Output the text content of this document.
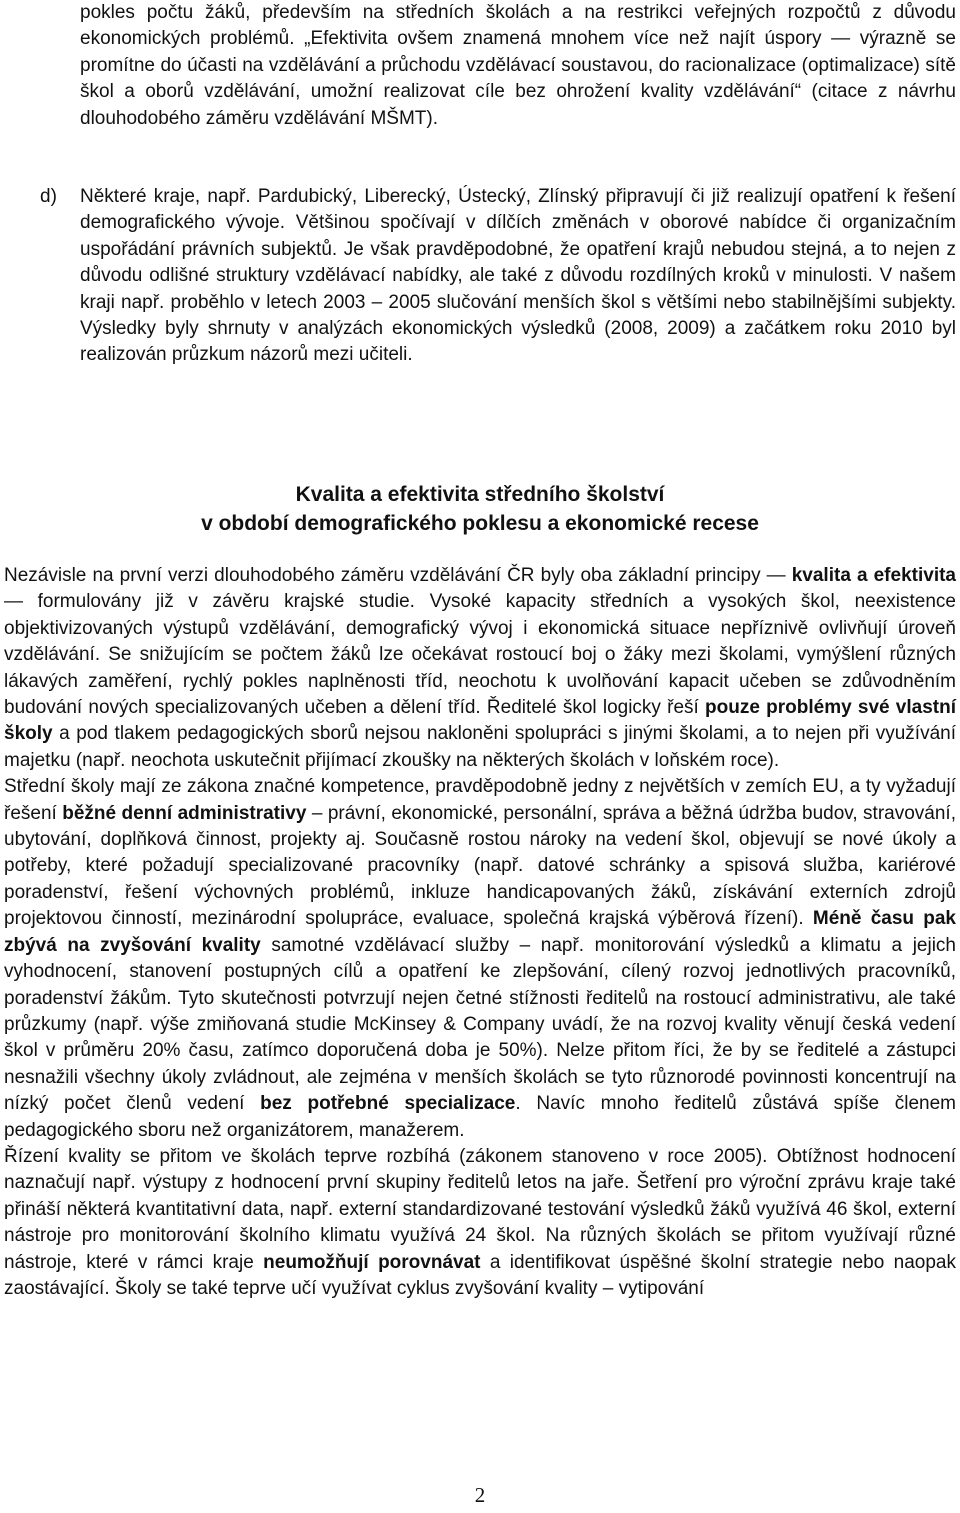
pokles počtu žáků, především na středních školách a na restrikci veřejných rozpočtů z důvodu ekonomických problémů. „Efektivita ovšem znamená mnohem více než najít úspory — výrazně se promítne do účasti na vzdělávání a průchodu vzdělávací soustavou, do racionalizace (optimalizace) sítě škol a oborů vzdělávání, umožní realizovat cíle bez ohrožení kvality vzdělávání“ (citace z návrhu dlouhodobého záměru vzdělávání MŠMT).

d) Některé kraje, např. Pardubický, Liberecký, Ústecký, Zlínský připravují či již realizují opatření k řešení demografického vývoje. Většinou spočívají v dílčích změnách v oborové nabídce či organizačním uspořádání právních subjektů. Je však pravděpodobné, že opatření krajů nebudou stejná, a to nejen z důvodu odlišné struktury vzdělávací nabídky, ale také z důvodu rozdílných kroků v minulosti. V našem kraji např. proběhlo v letech 2003 – 2005 slučování menších škol s většími nebo stabilnějšími subjekty. Výsledky byly shrnuty v analýzách ekonomických výsledků (2008, 2009) a začátkem roku 2010 byl realizován průzkum názorů mezi učiteli.

Kvalita a efektivita středního školství
v období demografického poklesu a ekonomické recese

Nezávisle na první verzi dlouhodobého záměru vzdělávání ČR byly oba základní principy — kvalita a efektivita — formulovány již v závěru krajské studie. Vysoké kapacity středních a vysokých škol, neexistence objektivizovaných výstupů vzdělávání, demografický vývoj i ekonomická situace nepříznivě ovlivňují úroveň vzdělávání. Se snižujícím se počtem žáků lze očekávat rostoucí boj o žáky mezi školami, vymýšlení různých lákavých zaměření, rychlý pokles naplněnosti tříd, neochotu k uvolňování kapacit učeben se zdůvodněním budování nových specializovaných učeben a dělení tříd. Ředitelé škol logicky řeší pouze problémy své vlastní školy a pod tlakem pedagogických sborů nejsou nakloněni spolupráci s jinými školami, a to nejen při využívání majetku (např. neochota uskutečnit přijímací zkoušky na některých školách v loňském roce).

Střední školy mají ze zákona značné kompetence, pravděpodobně jedny z největších v zemích EU, a ty vyžadují řešení běžné denní administrativy – právní, ekonomické, personální, správa a běžná údržba budov, stravování, ubytování, doplňková činnost, projekty aj. Současně rostou nároky na vedení škol, objevují se nové úkoly a potřeby, které požadují specializované pracovníky (např. datové schránky a spisová služba, kariérové poradenství, řešení výchovných problémů, inkluze handicapovaných žáků, získávání externích zdrojů projektovou činností, mezinárodní spolupráce, evaluace, společná krajská výběrová řízení). Méně času pak zbývá na zvyšování kvality samotné vzdělávací služby – např. monitorování výsledků a klimatu a jejich vyhodnocení, stanovení postupných cílů a opatření ke zlepšování, cílený rozvoj jednotlivých pracovníků, poradenství žákům. Tyto skutečnosti potvrzují nejen četné stížnosti ředitelů na rostoucí administrativu, ale také průzkumy (např. výše zmiňovaná studie McKinsey & Company uvádí, že na rozvoj kvality věnují česká vedení škol v průměru 20% času, zatímco doporučená doba je 50%). Nelze přitom říci, že by se ředitelé a zástupci nesnažili všechny úkoly zvládnout, ale zejména v menších školách se tyto různorodé povinnosti koncentrují na nízký počet členů vedení bez potřebné specializace. Navíc mnoho ředitelů zůstává spíše členem pedagogického sboru než organizátorem, manažerem.

Řízení kvality se přitom ve školách teprve rozbíhá (zákonem stanoveno v roce 2005). Obtížnost hodnocení naznačují např. výstupy z hodnocení první skupiny ředitelů letos na jaře. Šetření pro výroční zprávu kraje také přináší některá kvantitativní data, např. externí standardizované testování výsledků žáků využívá 46 škol, externí nástroje pro monitorování školního klimatu využívá 24 škol. Na různých školách se přitom využívají různé nástroje, které v rámci kraje neumožňují porovnávat a identifikovat úspěšné školní strategie nebo naopak zaostávající. Školy se také teprve učí využívat cyklus zvyšování kvality – vytipování

2
